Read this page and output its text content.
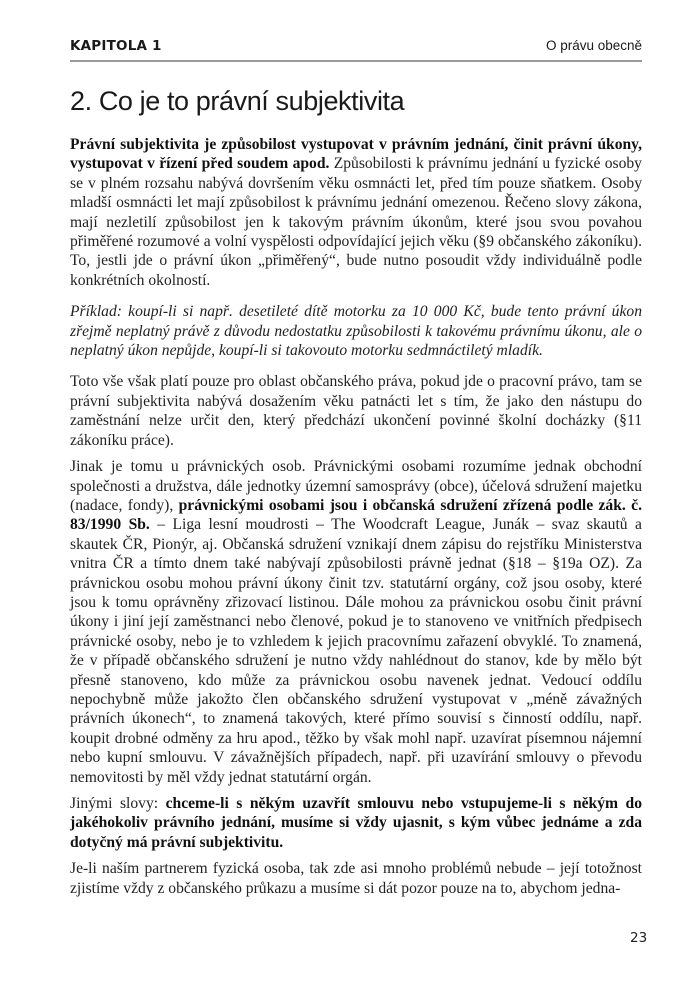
KAPITOLA 1	O právu obecně
2. Co je to právní subjektivita

Právní subjektivita je způsobilost vystupovat v právním jednání, činit právní úkony, vystupovat v řízení před soudem apod. Způsobilosti k právnímu jednání u fyzické osoby se v plném rozsahu nabývá dovršením věku osmnácti let, před tím pouze sňatkem. Osoby mladší osmnácti let mají způsobilost k právnímu jednání omezenou. Řečeno slovy zákona, mají nezletilí způsobilost jen k takovým právním úkonům, které jsou svou povahou přiměřené rozumové a volní vyspělosti odpovídající jejich věku (§9 občanského zákoníku). To, jestli jde o právní úkon „přiměřený“, bude nutno posoudit vždy individuálně podle konkrétních okolností.

Příklad: koupí-li si např. desetileté dítě motorku za 10 000 Kč, bude tento právní úkon zřejmě neplatný právě z důvodu nedostatku způsobilosti k takovému právnímu úkonu, ale o neplatný úkon nepůjde, koupí-li si takovouto motorku sedmnáctiletý mladík.

Toto vše však platí pouze pro oblast občanského práva, pokud jde o pracovní právo, tam se právní subjektivita nabývá dosažením věku patnácti let s tím, že jako den nástupu do zaměstnání nelze určit den, který předchází ukončení povinné školní docházky (§11 zákoníku práce).

Jinak je tomu u právnických osob. Právnickými osobami rozumíme jednak obchodní společnosti a družstva, dále jednotky územní samosprávy (obce), účelová sdružení majetku (nadace, fondy), právnickými osobami jsou i občanská sdružení zřízená podle zák. č. 83/1990 Sb. – Liga lesní moudrosti – The Woodcraft League, Junák – svaz skautů a skautek ČR, Pionýr, aj. Občanská sdružení vznikají dnem zápisu do rejstříku Ministerstva vnitra ČR a tímto dnem také nabývají způsobilosti právně jednat (§18 – §19a OZ). Za právnickou osobu mohou právní úkony činit tzv. statutární orgány, což jsou osoby, které jsou k tomu oprávněny zřizovací listinou. Dále mohou za právnickou osobu činit právní úkony i jiní její zaměstnanci nebo členové, pokud je to stanoveno ve vnitřních předpisech právnické osoby, nebo je to vzhledem k jejich pracovnímu zařazení obvyklé. To znamená, že v případě občanského sdružení je nutno vždy nahlédnout do stanov, kde by mělo být přesně stanoveno, kdo může za právnickou osobu navenek jednat. Vedoucí oddílu nepochybně může jakožto člen občanského sdružení vystupovat v „méně závažných právních úkonech“, to znamená takových, které přímo souvisí s činností oddílu, např. koupit drobné odměny za hru apod., těžko by však mohl např. uzavírat písemnou nájemní nebo kupní smlouvu. V závažnějších případech, např. při uzavírání smlouvy o převodu nemovitosti by měl vždy jednat statutární orgán.

Jinými slovy: chceme-li s někým uzavřít smlouvu nebo vstupujeme-li s někým do jakéhokoliv právního jednání, musíme si vždy ujasnit, s kým vůbec jednáme a zda dotyčný má právní subjektivitu.

Je-li naším partnerem fyzická osoba, tak zde asi mnoho problémů nebude – její totožnost zjistíme vždy z občanského průkazu a musíme si dát pozor pouze na to, abychom jedna-

23
